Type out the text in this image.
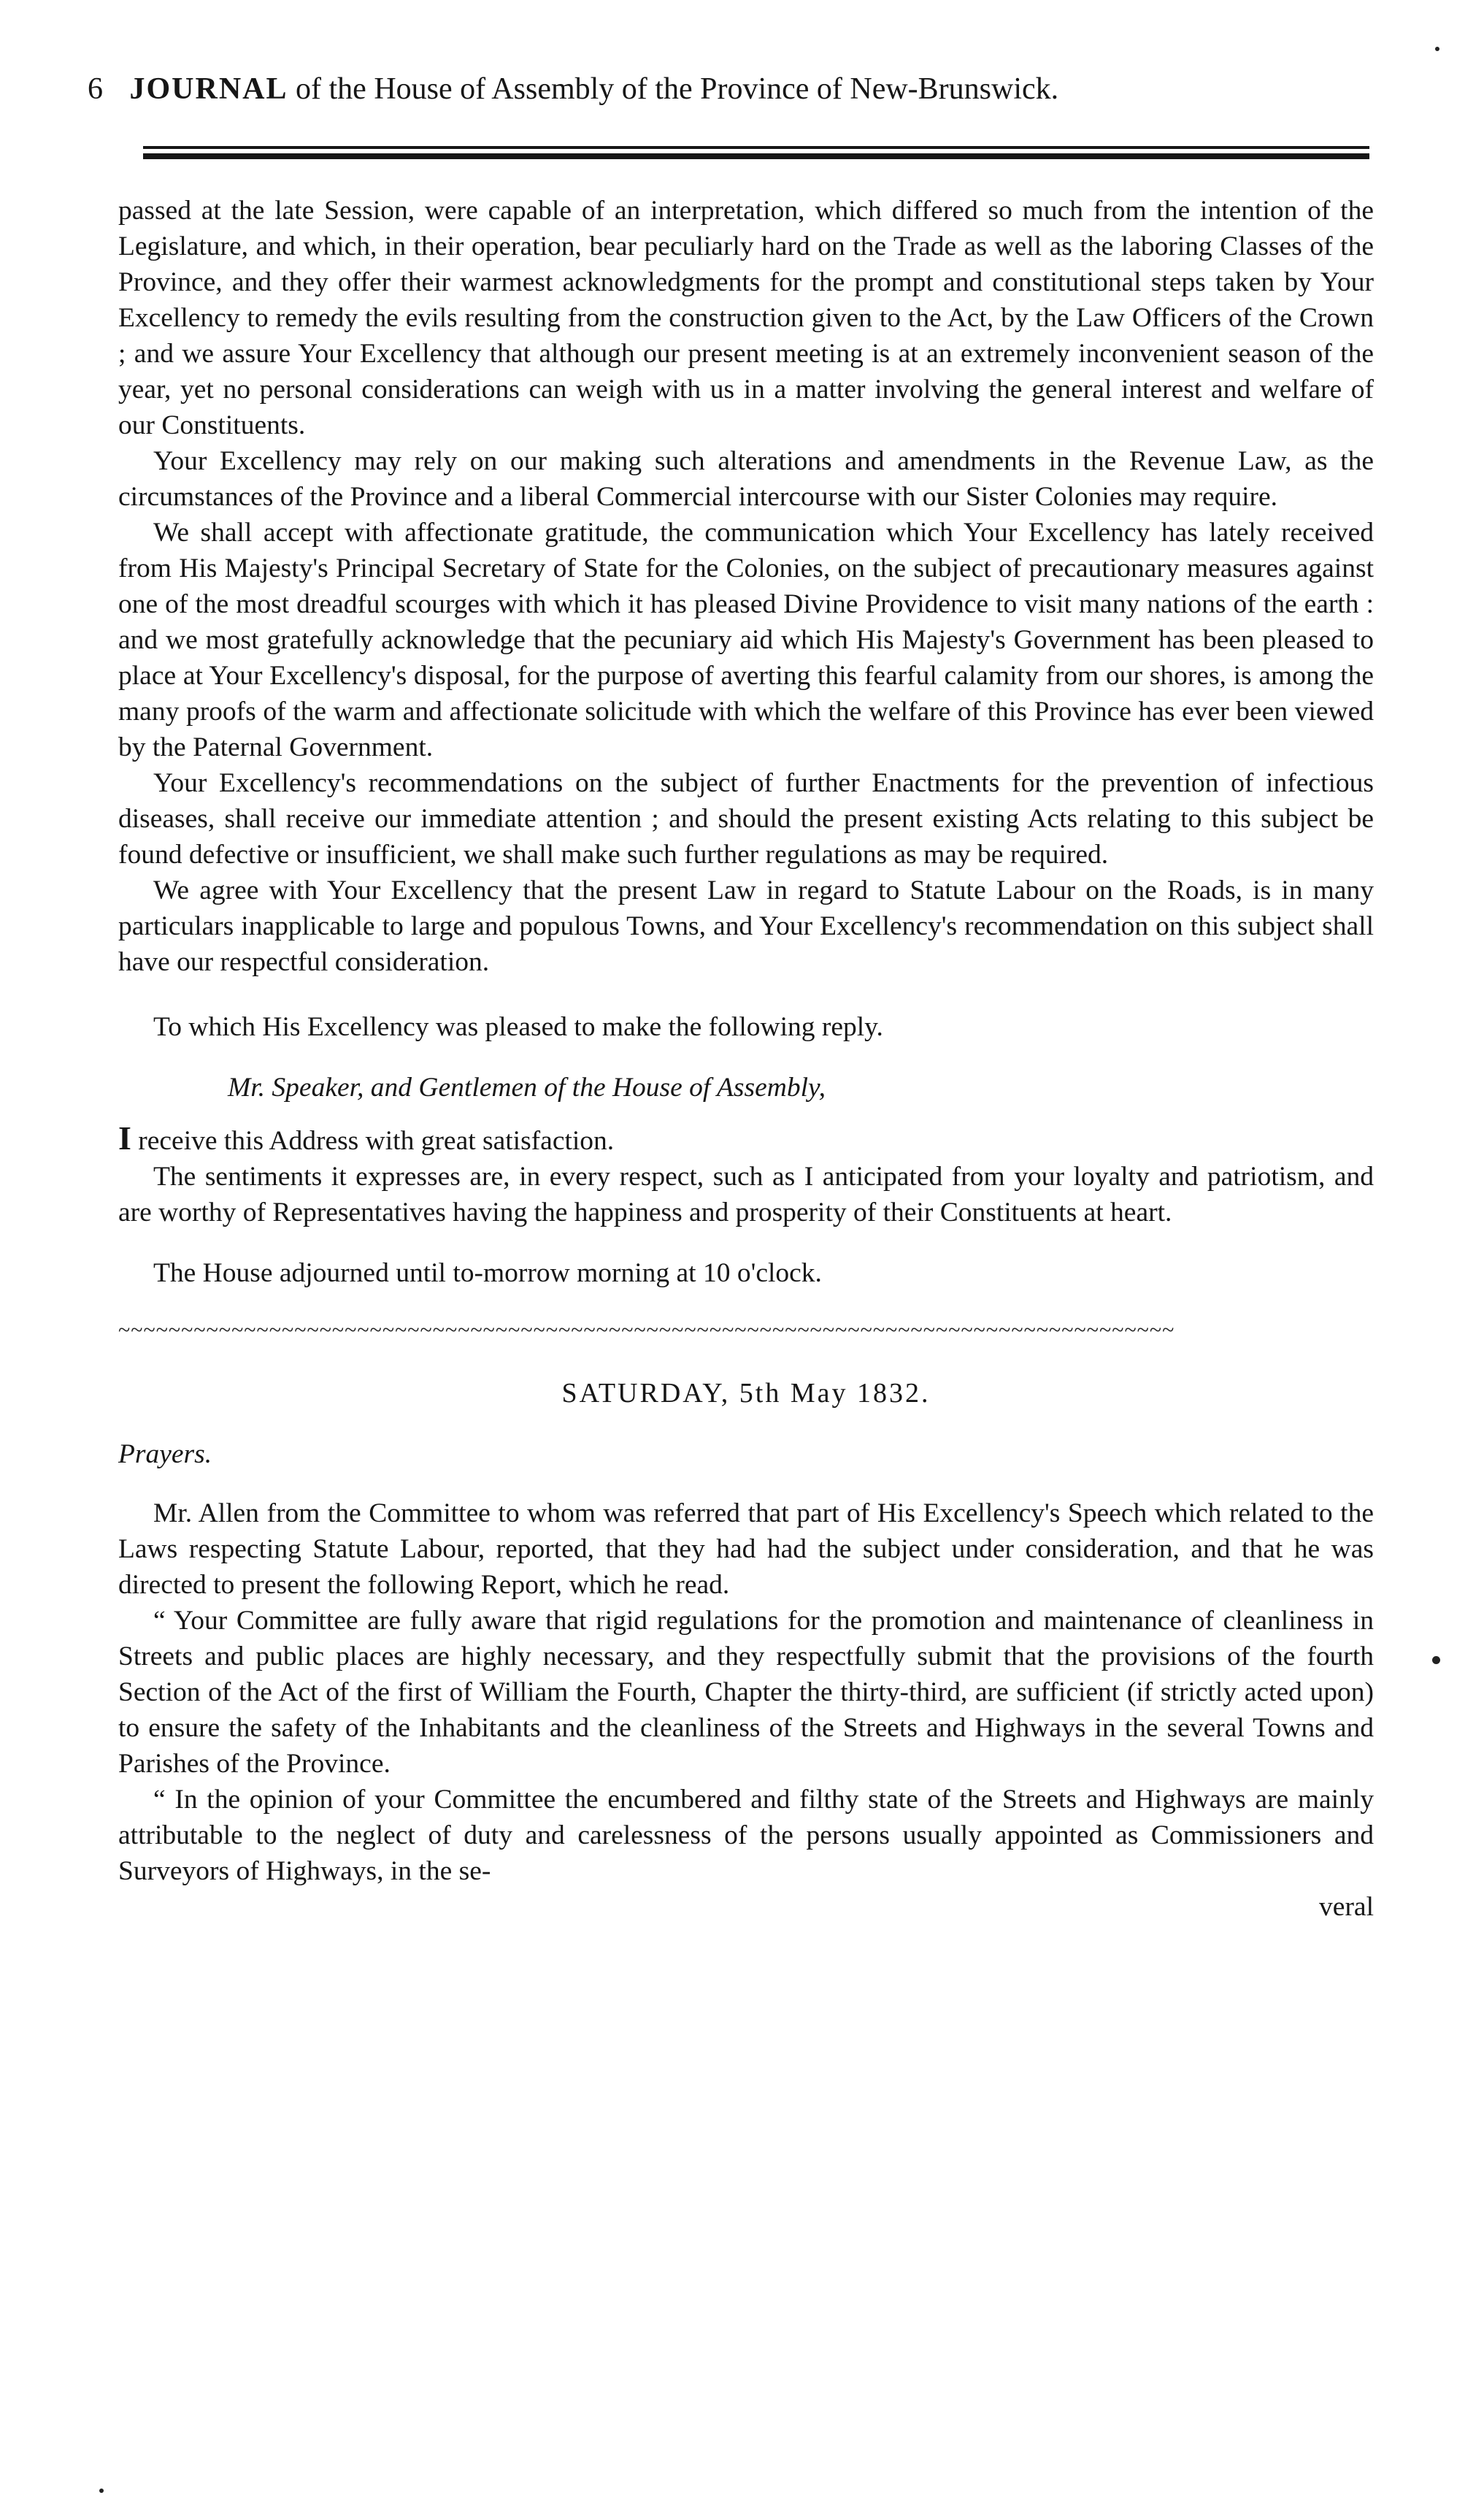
6 JOURNAL of the House of Assembly of the Province of New-Brunswick.

passed at the late Session, were capable of an interpretation, which differed so much from the intention of the Legislature, and which, in their operation, bear peculiarly hard on the Trade as well as the laboring Classes of the Province, and they offer their warmest acknowledgments for the prompt and constitutional steps taken by Your Excellency to remedy the evils resulting from the construction given to the Act, by the Law Officers of the Crown ; and we assure Your Excellency that although our present meeting is at an extremely inconvenient season of the year, yet no personal considerations can weigh with us in a matter involving the general interest and welfare of our Constituents.

Your Excellency may rely on our making such alterations and amendments in the Revenue Law, as the circumstances of the Province and a liberal Commercial intercourse with our Sister Colonies may require.

We shall accept with affectionate gratitude, the communication which Your Excellency has lately received from His Majesty's Principal Secretary of State for the Colonies, on the subject of precautionary measures against one of the most dreadful scourges with which it has pleased Divine Providence to visit many nations of the earth : and we most gratefully acknowledge that the pecuniary aid which His Majesty's Government has been pleased to place at Your Excellency's disposal, for the purpose of averting this fearful calamity from our shores, is among the many proofs of the warm and affectionate solicitude with which the welfare of this Province has ever been viewed by the Paternal Government.

Your Excellency's recommendations on the subject of further Enactments for the prevention of infectious diseases, shall receive our immediate attention ; and should the present existing Acts relating to this subject be found defective or insufficient, we shall make such further regulations as may be required.

We agree with Your Excellency that the present Law in regard to Statute Labour on the Roads, is in many particulars inapplicable to large and populous Towns, and Your Excellency's recommendation on this subject shall have our respectful consideration.

To which His Excellency was pleased to make the following reply.

Mr. Speaker, and Gentlemen of the House of Assembly,

I receive this Address with great satisfaction.

The sentiments it expresses are, in every respect, such as I anticipated from your loyalty and patriotism, and are worthy of Representatives having the happiness and prosperity of their Constituents at heart.

The House adjourned until to-morrow morning at 10 o'clock.

~~~~~~~~~~~~~~~~~~~~~~~~~~~~~~~~~~~~~~~~~~~~~~~~~~~~~~~~~~~~~~~~~~~~~~~~~~~~~~~~~~~~
SATURDAY, 5th May 1832.

Prayers.

Mr. Allen from the Committee to whom was referred that part of His Excellency's Speech which related to the Laws respecting Statute Labour, reported, that they had had the subject under consideration, and that he was directed to present the following Report, which he read.

“ Your Committee are fully aware that rigid regulations for the promotion and maintenance of cleanliness in Streets and public places are highly necessary, and they respectfully submit that the provisions of the fourth Section of the Act of the first of William the Fourth, Chapter the thirty-third, are sufficient (if strictly acted upon) to ensure the safety of the Inhabitants and the cleanliness of the Streets and Highways in the several Towns and Parishes of the Province.

“ In the opinion of your Committee the encumbered and filthy state of the Streets and Highways are mainly attributable to the neglect of duty and carelessness of the persons usually appointed as Commissioners and Surveyors of Highways, in the se-

veral
